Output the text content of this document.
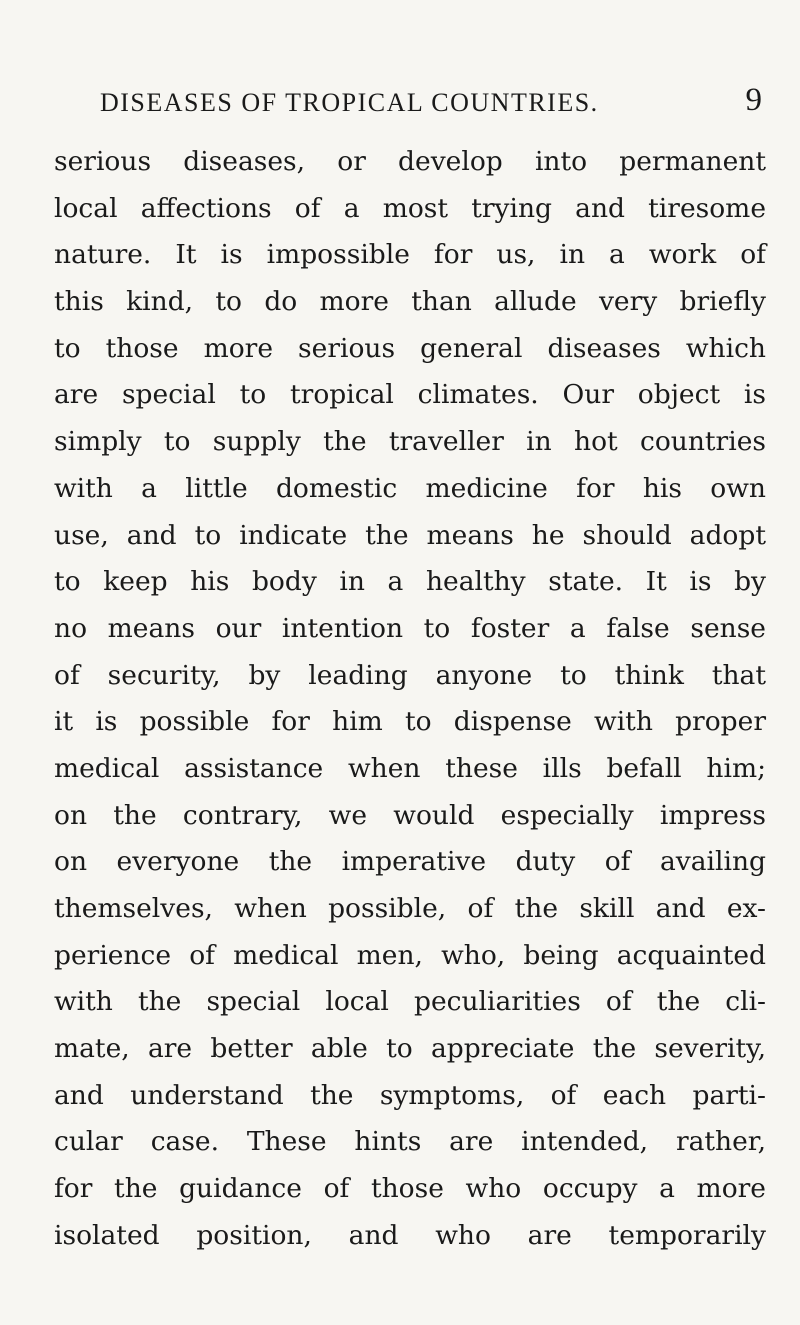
DISEASES OF TROPICAL COUNTRIES.	9
serious diseases, or develop into permanent
local affections of a most trying and tiresome
nature. It is impossible for us, in a work of
this kind, to do more than allude very briefly
to those more serious general diseases which
are special to tropical climates. Our object is
simply to supply the traveller in hot countries
with a little domestic medicine for his own
use, and to indicate the means he should adopt
to keep his body in a healthy state. It is by
no means our intention to foster a false sense
of security, by leading anyone to think that
it is possible for him to dispense with proper
medical assistance when these ills befall him;
on the contrary, we would especially impress
on everyone the imperative duty of availing
themselves, when possible, of the skill and ex-
perience of medical men, who, being acquainted
with the special local peculiarities of the cli-
mate, are better able to appreciate the severity,
and understand the symptoms, of each parti-
cular case. These hints are intended, rather,
for the guidance of those who occupy a more
isolated position, and who are temporarily
